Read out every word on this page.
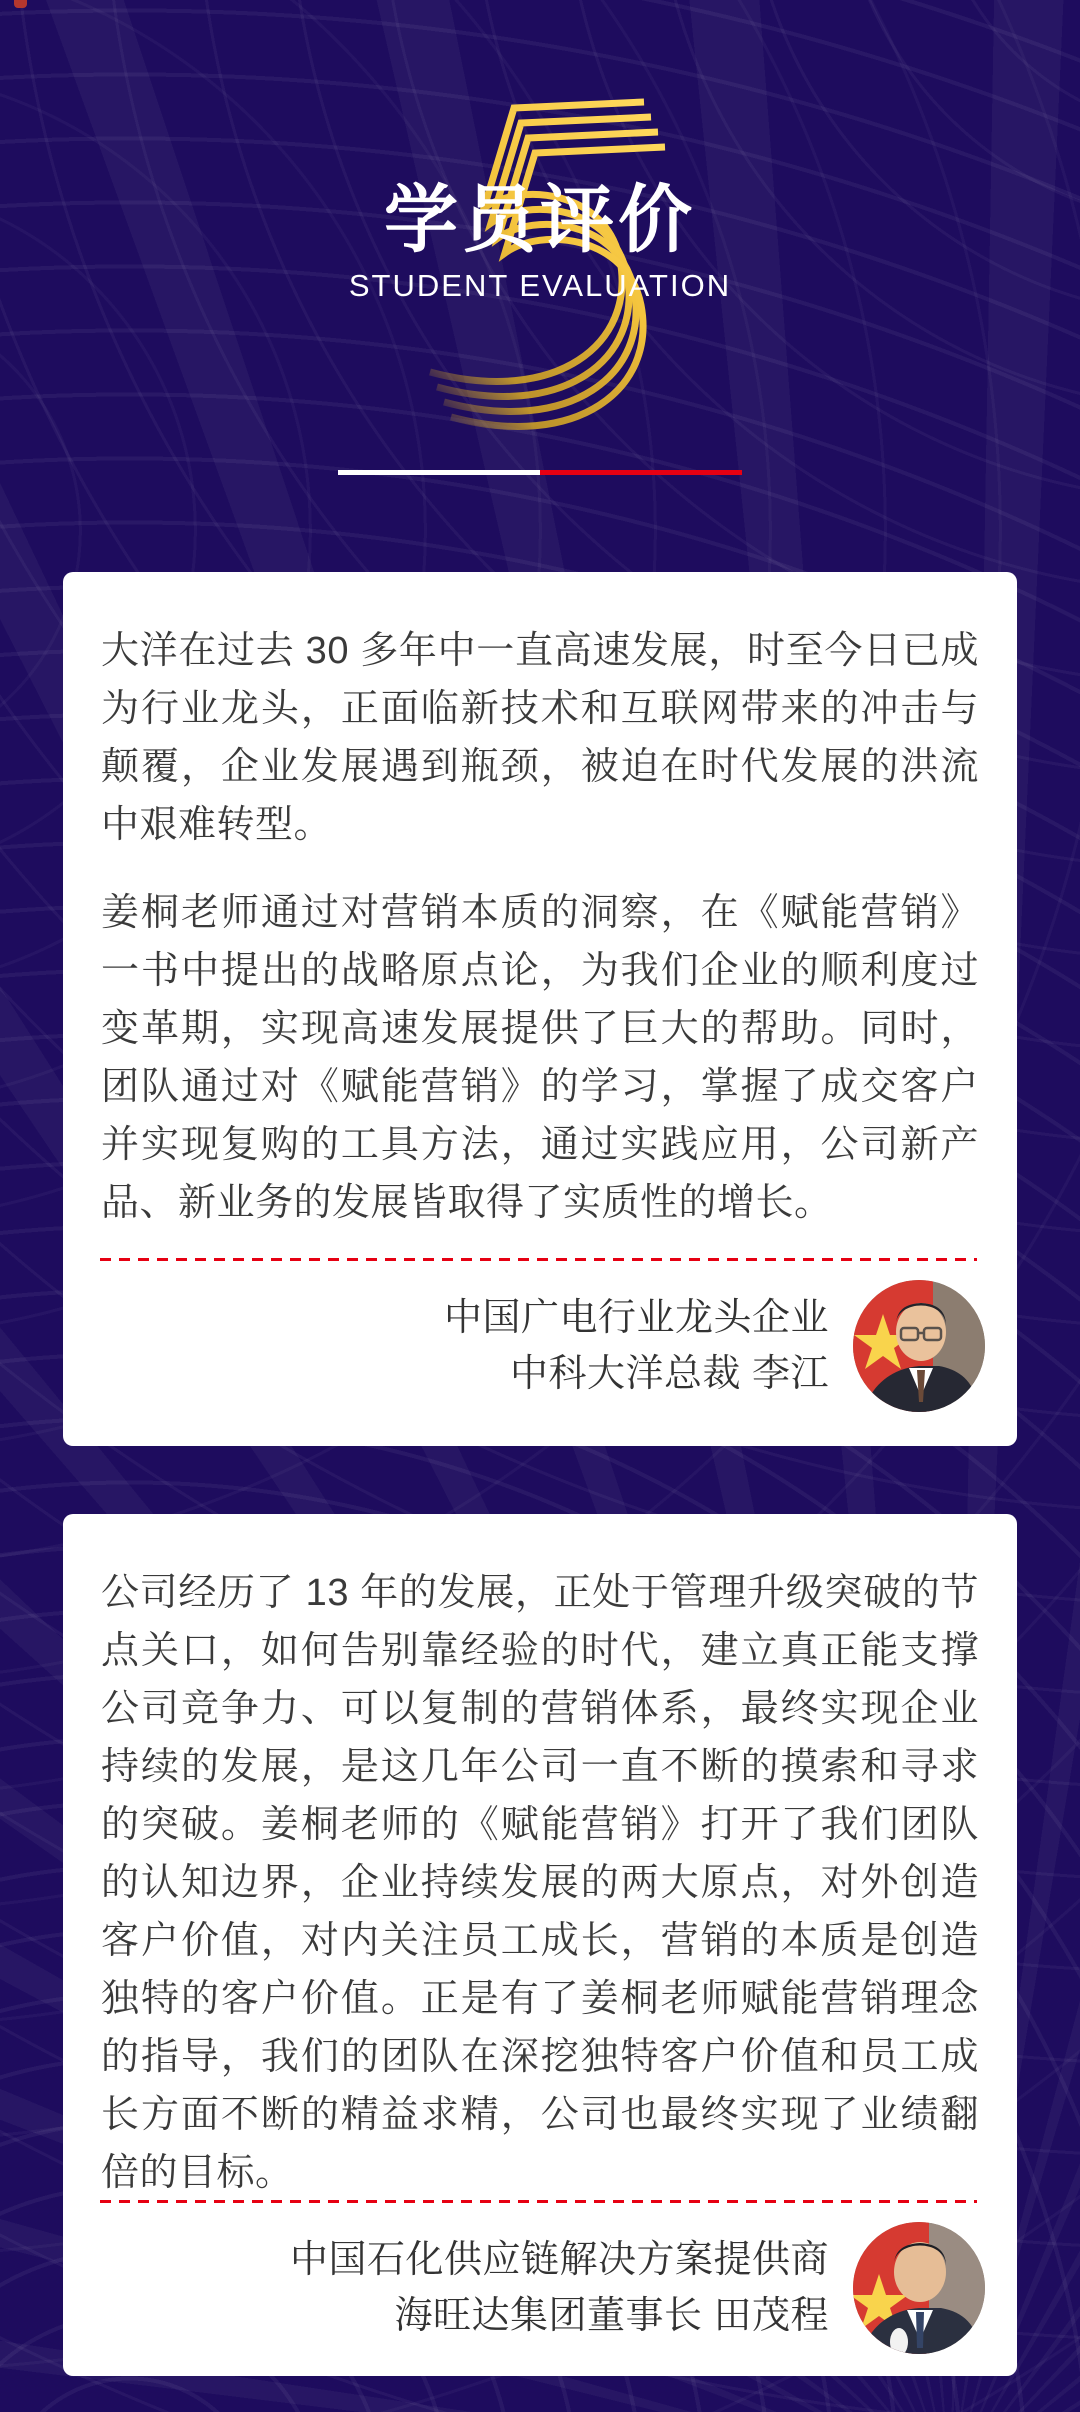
学员评价
STUDENT EVALUATION

大洋在过去 30 多年中一直高速发展，时至今日已成为行业龙头，正面临新技术和互联网带来的冲击与颠覆，企业发展遇到瓶颈，被迫在时代发展的洪流中艰难转型。

姜桐老师通过对营销本质的洞察，在《赋能营销》一书中提出的战略原点论，为我们企业的顺利度过变革期，实现高速发展提供了巨大的帮助。同时，团队通过对《赋能营销》的学习，掌握了成交客户并实现复购的工具方法，通过实践应用，公司新产品、新业务的发展皆取得了实质性的增长。

中国广电行业龙头企业
中科大洋总裁 李江

公司经历了 13 年的发展，正处于管理升级突破的节点关口，如何告别靠经验的时代，建立真正能支撑公司竞争力、可以复制的营销体系，最终实现企业持续的发展，是这几年公司一直不断的摸索和寻求的突破。姜桐老师的《赋能营销》打开了我们团队的认知边界，企业持续发展的两大原点，对外创造客户价值，对内关注员工成长，营销的本质是创造独特的客户价值。正是有了姜桐老师赋能营销理念的指导，我们的团队在深挖独特客户价值和员工成长方面不断的精益求精，公司也最终实现了业绩翻倍的目标。

中国石化供应链解决方案提供商
海旺达集团董事长 田茂程
